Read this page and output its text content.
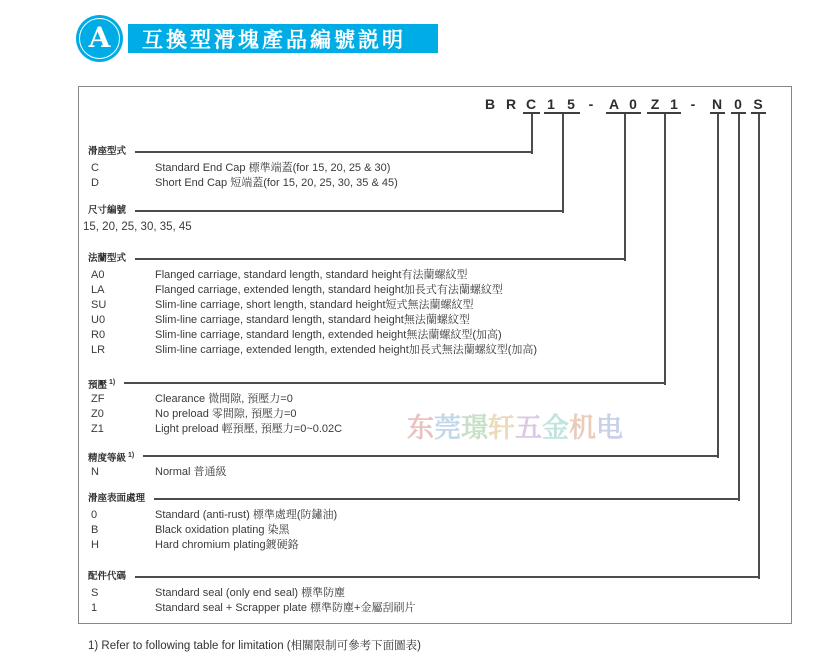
A	互換型滑塊產品編號説明
B R	-	-
C
滑座型式
C	Standard End Cap 標準端蓋(for 15, 20, 25 & 30)
D	Short End Cap 短端蓋(for 15, 20, 25, 30, 35 & 45)
1 5
尺寸編號
15, 20, 25, 30, 35, 45
A 0
法蘭型式
A0	Flanged carriage, standard length, standard height有法蘭螺紋型
LA	Flanged carriage, extended length, standard height加長式有法蘭螺紋型
SU	Slim-line carriage, short length, standard height短式無法蘭螺紋型
U0	Slim-line carriage, standard length, standard height無法蘭螺紋型
R0	Slim-line carriage, standard length, extended height無法蘭螺紋型(加高)
LR	Slim-line carriage, extended length, extended height加長式無法蘭螺紋型(加高)
Z 1
預壓 $^{1)}$
ZF	Clearance 微間隙, 預壓力=0
Z0	No preload 零間隙, 預壓力=0
Z1	Light preload 輕預壓, 預壓力=0~0.02C
N
精度等級 $^{1)}$
N	Normal 普通級
0
滑座表面處理
0	Standard (anti-rust) 標準處理(防鏽油)
B	Black oxidation plating 染黑
H	Hard chromium plating鍍硬鉻
S
配件代碼
S	Standard seal (only end seal) 標準防塵
1	Standard seal + Scrapper plate 標準防塵+金屬刮刷片
东莞璟轩五金机电
1) Refer to following table for limitation (相關限制可參考下面圖表)
